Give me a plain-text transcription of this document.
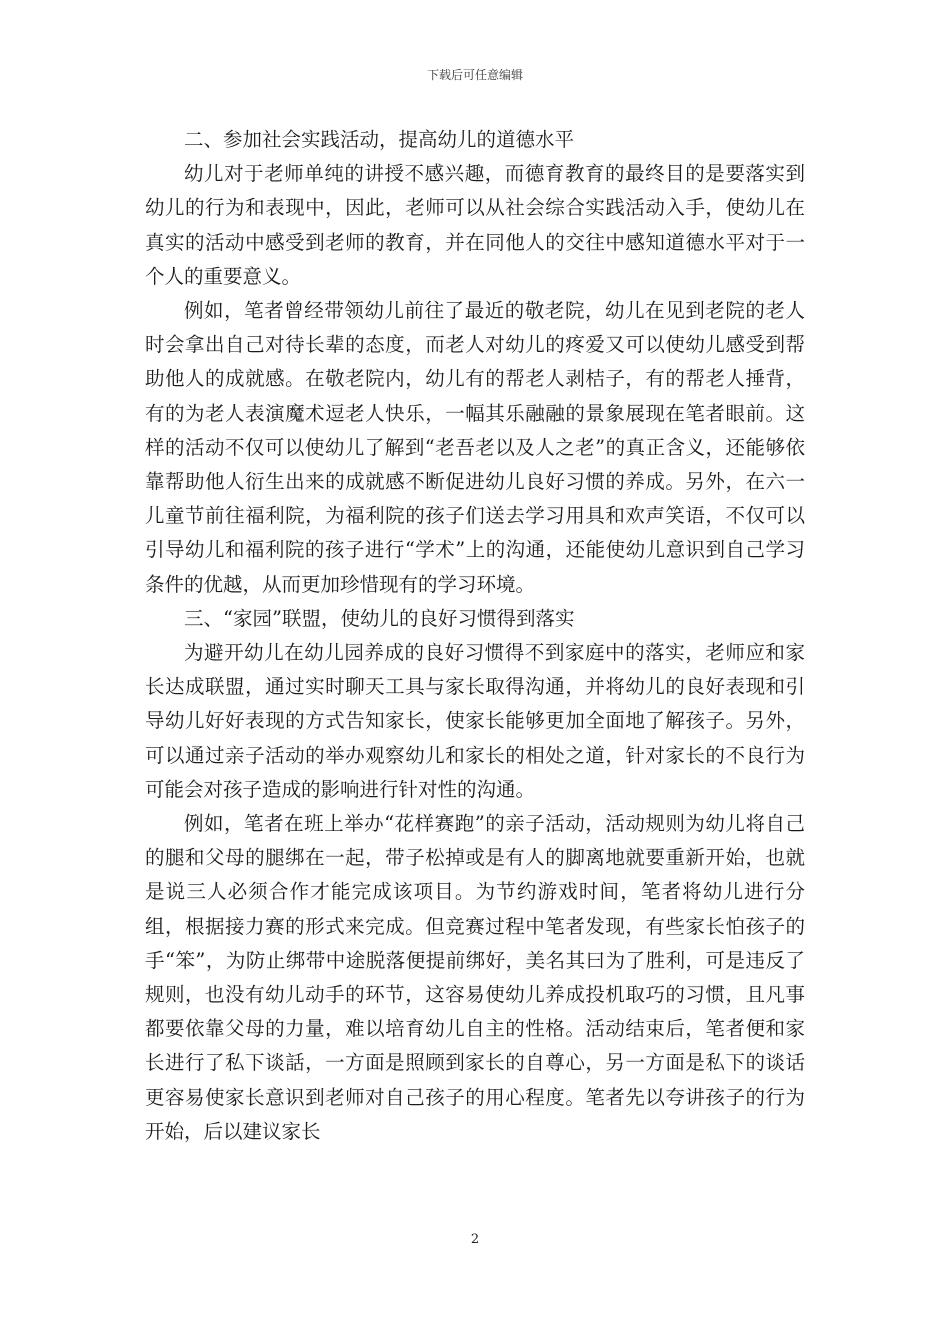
下载后可任意编辑

二、参加社会实践活动，提高幼儿的道德水平

幼儿对于老师单纯的讲授不感兴趣，而德育教育的最终目的是要落实到幼儿的行为和表现中，因此，老师可以从社会综合实践活动入手，使幼儿在真实的活动中感受到老师的教育，并在同他人的交往中感知道德水平对于一个人的重要意义。

例如，笔者曾经带领幼儿前往了最近的敬老院，幼儿在见到老院的老人时会拿出自己对待长辈的态度，而老人对幼儿的疼爱又可以使幼儿感受到帮助他人的成就感。在敬老院内，幼儿有的帮老人剥桔子，有的帮老人捶背，有的为老人表演魔术逗老人快乐，一幅其乐融融的景象展现在笔者眼前。这样的活动不仅可以使幼儿了解到“老吾老以及人之老”的真正含义，还能够依靠帮助他人衍生出来的成就感不断促进幼儿良好习惯的养成。另外，在六一儿童节前往福利院，为福利院的孩子们送去学习用具和欢声笑语，不仅可以引导幼儿和福利院的孩子进行“学术”上的沟通，还能使幼儿意识到自己学习条件的优越，从而更加珍惜现有的学习环境。

三、“家园”联盟，使幼儿的良好习惯得到落实

为避开幼儿在幼儿园养成的良好习惯得不到家庭中的落实，老师应和家长达成联盟，通过实时聊天工具与家长取得沟通，并将幼儿的良好表现和引导幼儿好好表现的方式告知家长，使家长能够更加全面地了解孩子。另外，可以通过亲子活动的举办观察幼儿和家长的相处之道，针对家长的不良行为可能会对孩子造成的影响进行针对性的沟通。

例如，笔者在班上举办“花样赛跑”的亲子活动，活动规则为幼儿将自己的腿和父母的腿绑在一起，带子松掉或是有人的脚离地就要重新开始，也就是说三人必须合作才能完成该项目。为节约游戏时间，笔者将幼儿进行分组，根据接力赛的形式来完成。但竞赛过程中笔者发现，有些家长怕孩子的手“笨”，为防止绑带中途脱落便提前绑好，美名其曰为了胜利，可是违反了规则，也没有幼儿动手的环节，这容易使幼儿养成投机取巧的习惯，且凡事都要依靠父母的力量，难以培育幼儿自主的性格。活动结束后，笔者便和家长进行了私下谈話，一方面是照顾到家长的自尊心，另一方面是私下的谈话更容易使家长意识到老师对自己孩子的用心程度。笔者先以夸讲孩子的行为开始，后以建议家长

2
